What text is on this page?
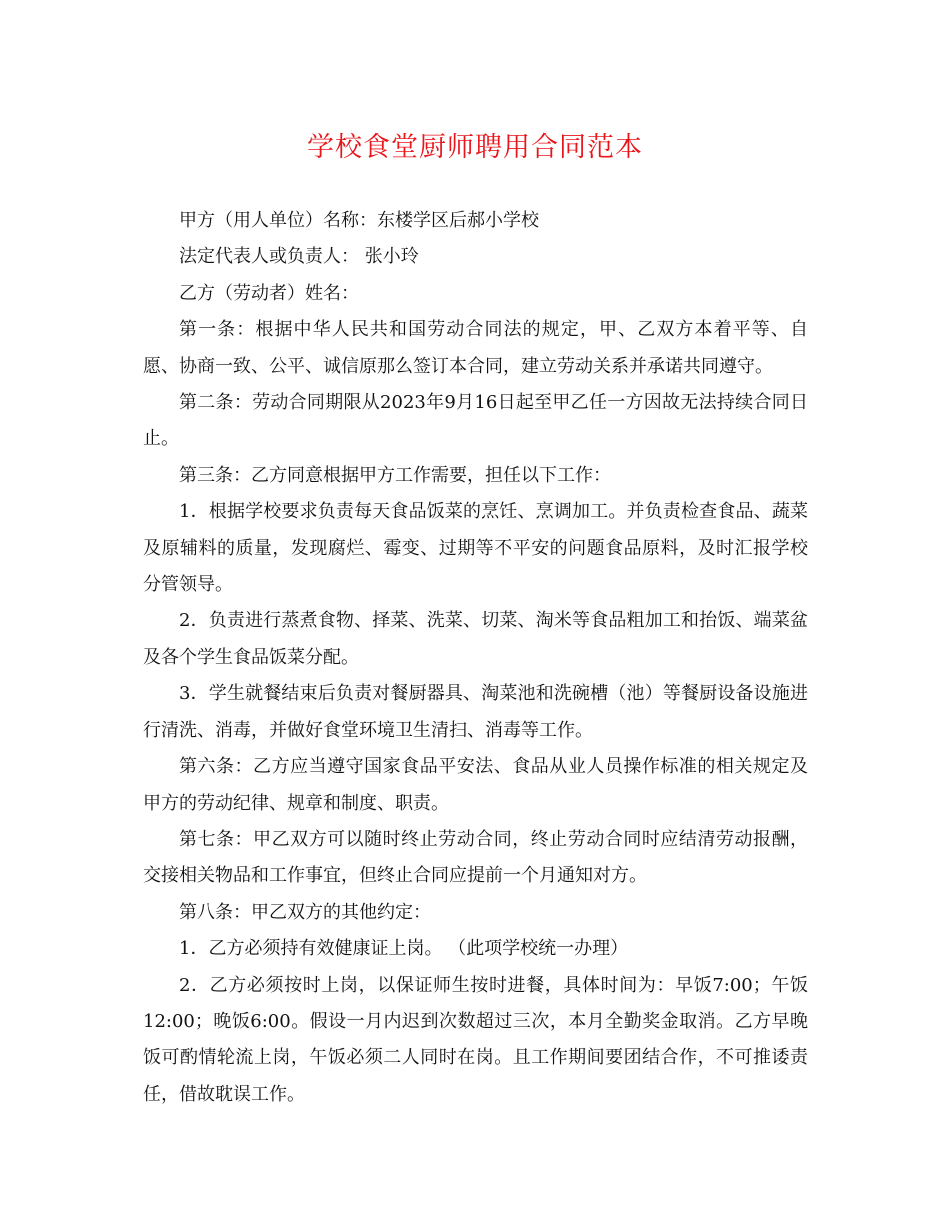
学校食堂厨师聘用合同范本

甲方（用人单位）名称：东楼学区后郝小学校

法定代表人或负责人： 张小玲

乙方（劳动者）姓名：

第一条：根据中华人民共和国劳动合同法的规定，甲、乙双方本着平等、自愿、协商一致、公平、诚信原那么签订本合同，建立劳动关系并承诺共同遵守。

第二条：劳动合同期限从2023年9月16日起至甲乙任一方因故无法持续合同日止。

第三条：乙方同意根据甲方工作需要，担任以下工作：

1．根据学校要求负责每天食品饭菜的烹饪、烹调加工。并负责检查食品、蔬菜及原辅料的质量，发现腐烂、霉变、过期等不平安的问题食品原料，及时汇报学校分管领导。

2．负责进行蒸煮食物、择菜、洗菜、切菜、淘米等食品粗加工和抬饭、端菜盆及各个学生食品饭菜分配。

3．学生就餐结束后负责对餐厨器具、淘菜池和洗碗槽（池）等餐厨设备设施进行清洗、消毒，并做好食堂环境卫生清扫、消毒等工作。

第六条：乙方应当遵守国家食品平安法、食品从业人员操作标准的相关规定及甲方的劳动纪律、规章和制度、职责。

第七条：甲乙双方可以随时终止劳动合同，终止劳动合同时应结清劳动报酬，交接相关物品和工作事宜，但终止合同应提前一个月通知对方。

第八条：甲乙双方的其他约定：

1．乙方必须持有效健康证上岗。 （此项学校统一办理）

2．乙方必须按时上岗，以保证师生按时进餐，具体时间为：早饭7:00；午饭12:00；晚饭6:00。假设一月内迟到次数超过三次，本月全勤奖金取消。乙方早晚饭可酌情轮流上岗，午饭必须二人同时在岗。且工作期间要团结合作，不可推诿责任，借故耽误工作。
